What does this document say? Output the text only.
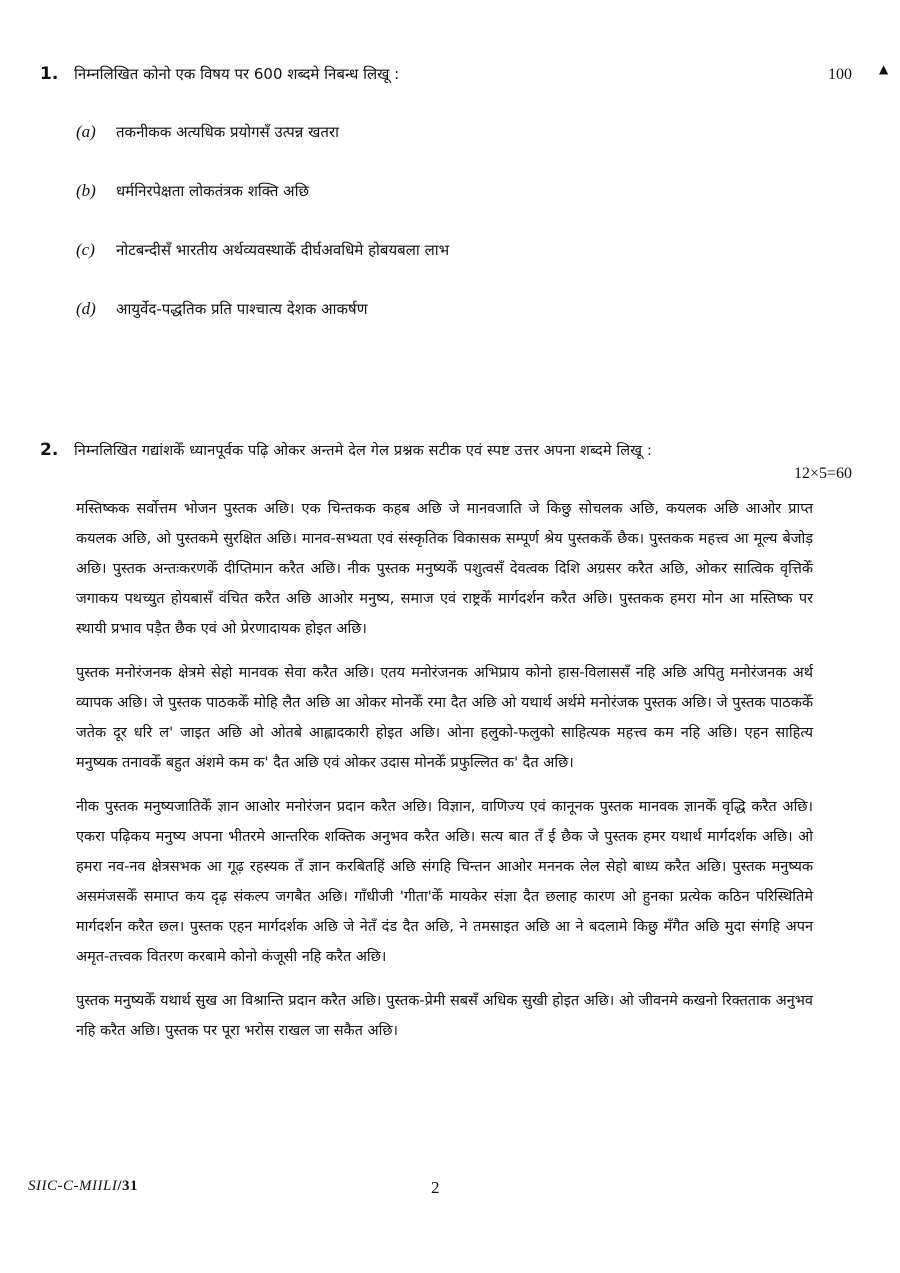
▲
1. निम्नलिखित कोनो एक विषय पर 600 शब्दमे निबन्ध लिखू :	100
(a) तकनीकक अत्यधिक प्रयोगसँ उत्पन्न खतरा
(b) धर्मनिरपेक्षता लोकतंत्रक शक्ति अछि
(c) नोटबन्दीसँ भारतीय अर्थव्यवस्थाकेँ दीर्घअवधिमे होबयबला लाभ
(d) आयुर्वेद-पद्धतिक प्रति पाश्चात्य देशक आकर्षण
2. निम्नलिखित गद्यांशकेँ ध्यानपूर्वक पढ़ि ओकर अन्तमे देल गेल प्रश्नक सटीक एवं स्पष्ट उत्तर अपना शब्दमे लिखू :
12×5=60

मस्तिष्कक सर्वोत्तम भोजन पुस्तक अछि। एक चिन्तकक कहब अछि जे मानवजाति जे किछु सोचलक अछि, कयलक अछि आओर प्राप्त कयलक अछि, ओ पुस्तकमे सुरक्षित अछि। मानव-सभ्यता एवं संस्कृतिक विकासक सम्पूर्ण श्रेय पुस्तककेँ छैक। पुस्तकक महत्त्व आ मूल्य बेजोड़ अछि। पुस्तक अन्तःकरणकेँ दीप्तिमान करैत अछि। नीक पुस्तक मनुष्यकेँ पशुत्वसँ देवत्वक दिशि अग्रसर करैत अछि, ओकर सात्विक वृत्तिकेँ जगाकय पथच्युत होयबासँ वंचित करैत अछि आओर मनुष्य, समाज एवं राष्ट्रकेँ मार्गदर्शन करैत अछि। पुस्तकक हमरा मोन आ मस्तिष्क पर स्थायी प्रभाव पड़ैत छैक एवं ओ प्रेरणादायक होइत अछि।

पुस्तक मनोरंजनक क्षेत्रमे सेहो मानवक सेवा करैत अछि। एतय मनोरंजनक अभिप्राय कोनो हास-विलाससँ नहि अछि अपितु मनोरंजनक अर्थ व्यापक अछि। जे पुस्तक पाठककेँ मोहि लैत अछि आ ओकर मोनकेँ रमा दैत अछि ओ यथार्थ अर्थमे मनोरंजक पुस्तक अछि। जे पुस्तक पाठककेँ जतेक दूर धरि ल' जाइत अछि ओ ओतबे आह्लादकारी होइत अछि। ओना हलुको-फलुको साहित्यक महत्त्व कम नहि अछि। एहन साहित्य मनुष्यक तनावकेँ बहुत अंशमे कम क' दैत अछि एवं ओकर उदास मोनकेँ प्रफुल्लित क' दैत अछि।

नीक पुस्तक मनुष्यजातिकेँ ज्ञान आओर मनोरंजन प्रदान करैत अछि। विज्ञान, वाणिज्य एवं कानूनक पुस्तक मानवक ज्ञानकेँ वृद्धि करैत अछि। एकरा पढ़िकय मनुष्य अपना भीतरमे आन्तरिक शक्तिक अनुभव करैत अछि। सत्य बात तँ ई छैक जे पुस्तक हमर यथार्थ मार्गदर्शक अछि। ओ हमरा नव-नव क्षेत्रसभक आ गूढ़ रहस्यक तँ ज्ञान करबितहिं अछि संगहि चिन्तन आओर मननक लेल सेहो बाध्य करैत अछि। पुस्तक मनुष्यक असमंजसकेँ समाप्त कय दृढ़ संकल्प जगबैत अछि। गाँधीजी 'गीता'केँ मायकेर संज्ञा दैत छलाह कारण ओ हुनका प्रत्येक कठिन परिस्थितिमे मार्गदर्शन करैत छल। पुस्तक एहन मार्गदर्शक अछि जे नेतँ दंड दैत अछि, ने तमसाइत अछि आ ने बदलामे किछु मँगैत अछि मुदा संगहि अपन अमृत-तत्त्वक वितरण करबामे कोनो कंजूसी नहि करैत अछि।

पुस्तक मनुष्यकेँ यथार्थ सुख आ विश्रान्ति प्रदान करैत अछि। पुस्तक-प्रेमी सबसँ अधिक सुखी होइत अछि। ओ जीवनमे कखनो रिक्तताक अनुभव नहि करैत अछि। पुस्तक पर पूरा भरोस राखल जा सकैत अछि।

SIIC-C-MIILI/31	2
